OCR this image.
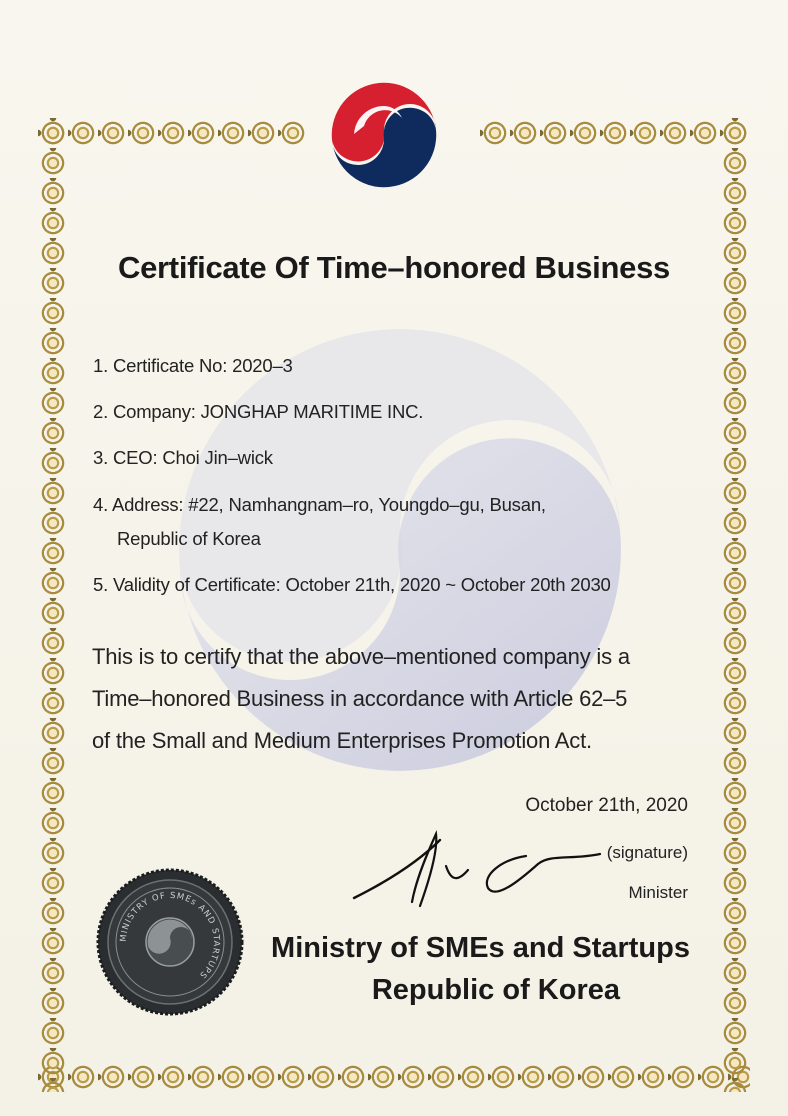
Certificate Of Time–honored Business
1. Certificate No: 2020–3
2. Company: JONGHAP MARITIME INC.
3. CEO: Choi Jin–wick
4. Address: #22, Namhangnam–ro, Youngdo–gu, Busan,
Republic of Korea
5. Validity of Certificate: October 21th, 2020 ~ October 20th 2030
This is to certify that the above–mentioned company is a
Time–honored Business in accordance with Article 62–5
of the Small and Medium Enterprises Promotion Act.
October 21th, 2020
(signature)
Minister
MINISTRY OF SMEs AND STARTUPS
Ministry of SMEs and Startups
Republic of Korea
